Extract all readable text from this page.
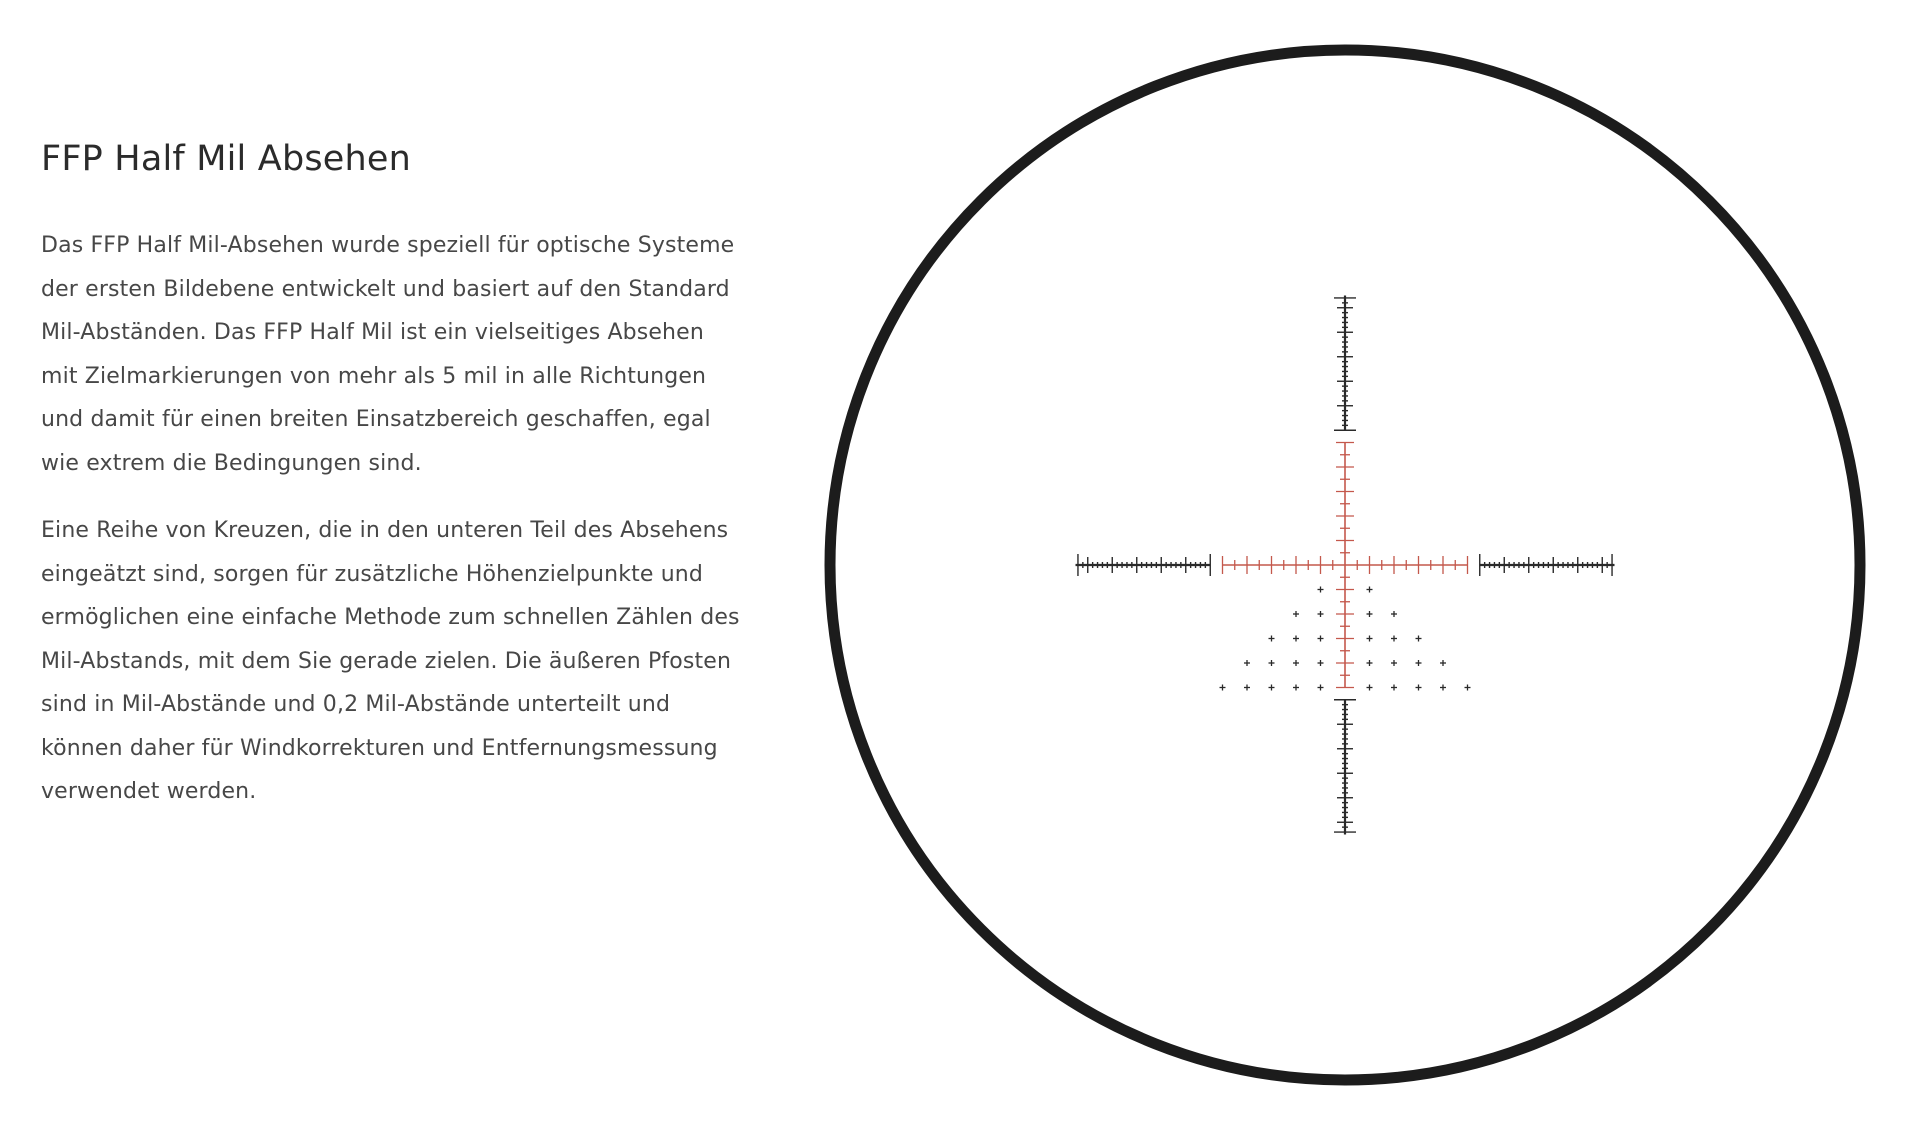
FFP Half Mil Absehen

Das FFP Half Mil-Absehen wurde speziell für optische Systeme der ersten Bildebene entwickelt und basiert auf den Standard Mil-Abständen. Das FFP Half Mil ist ein vielseitiges Absehen mit Zielmarkierungen von mehr als 5 mil in alle Richtungen und damit für einen breiten Einsatzbereich geschaffen, egal wie extrem die Bedingungen sind.

Eine Reihe von Kreuzen, die in den unteren Teil des Absehens eingeätzt sind, sorgen für zusätzliche Höhenzielpunkte und ermöglichen eine einfache Methode zum schnellen Zählen des Mil-Abstands, mit dem Sie gerade zielen. Die äußeren Pfosten sind in Mil-Abstände und 0,2 Mil-Abstände unterteilt und können daher für Windkorrekturen und Entfernungsmessung verwendet werden.
